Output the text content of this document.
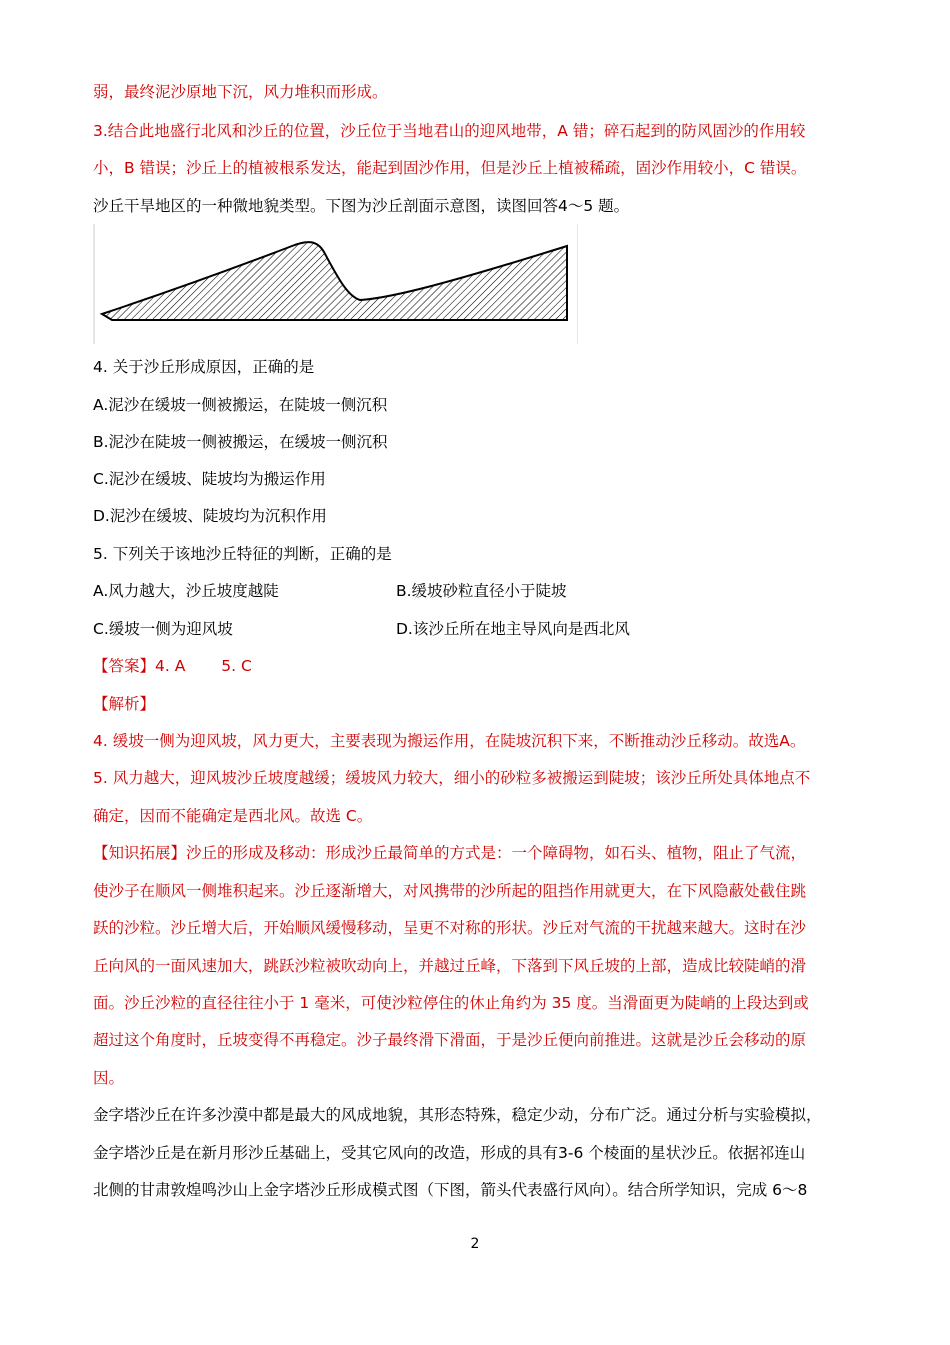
弱，最终泥沙原地下沉，风力堆积而形成。
3.结合此地盛行北风和沙丘的位置，沙丘位于当地君山的迎风地带，A 错；碎石起到的防风固沙的作用较
小，B 错误；沙丘上的植被根系发达，能起到固沙作用，但是沙丘上植被稀疏，固沙作用较小，C 错误。
沙丘干旱地区的一种微地貌类型。下图为沙丘剖面示意图，读图回答4～5 题。
4. 关于沙丘形成原因，正确的是
A.泥沙在缓坡一侧被搬运，在陡坡一侧沉积
B.泥沙在陡坡一侧被搬运，在缓坡一侧沉积
C.泥沙在缓坡、陡坡均为搬运作用
D.泥沙在缓坡、陡坡均为沉积作用
5. 下列关于该地沙丘特征的判断，正确的是
A.风力越大，沙丘坡度越陡	B.缓坡砂粒直径小于陡坡
C.缓坡一侧为迎风坡	D.该沙丘所在地主导风向是西北风
【答案】4. A　　 5. C
【解析】
4. 缓坡一侧为迎风坡，风力更大，主要表现为搬运作用，在陡坡沉积下来，不断推动沙丘移动。故选A。
5. 风力越大，迎风坡沙丘坡度越缓；缓坡风力较大，细小的砂粒多被搬运到陡坡；该沙丘所处具体地点不
确定，因而不能确定是西北风。故选 C。
【知识拓展】沙丘的形成及移动：形成沙丘最简单的方式是：一个障碍物，如石头、植物，阻止了气流，
使沙子在顺风一侧堆积起来。沙丘逐渐增大，对风携带的沙所起的阻挡作用就更大，在下风隐蔽处截住跳
跃的沙粒。沙丘增大后，开始顺风缓慢移动，呈更不对称的形状。沙丘对气流的干扰越来越大。这时在沙
丘向风的一面风速加大，跳跃沙粒被吹动向上，并越过丘峰，下落到下风丘坡的上部，造成比较陡峭的滑
面。沙丘沙粒的直径往往小于 1 毫米，可使沙粒停住的休止角约为 35 度。当滑面更为陡峭的上段达到或
超过这个角度时，丘坡变得不再稳定。沙子最终滑下滑面，于是沙丘便向前推进。这就是沙丘会移动的原
因。
金字塔沙丘在许多沙漠中都是最大的风成地貌，其形态特殊，稳定少动，分布广泛。通过分析与实验模拟，
金字塔沙丘是在新月形沙丘基础上，受其它风向的改造，形成的具有3-6 个棱面的星状沙丘。依据祁连山
北侧的甘肃敦煌鸣沙山上金字塔沙丘形成模式图（下图，箭头代表盛行风向）。结合所学知识，完成 6～8
2
